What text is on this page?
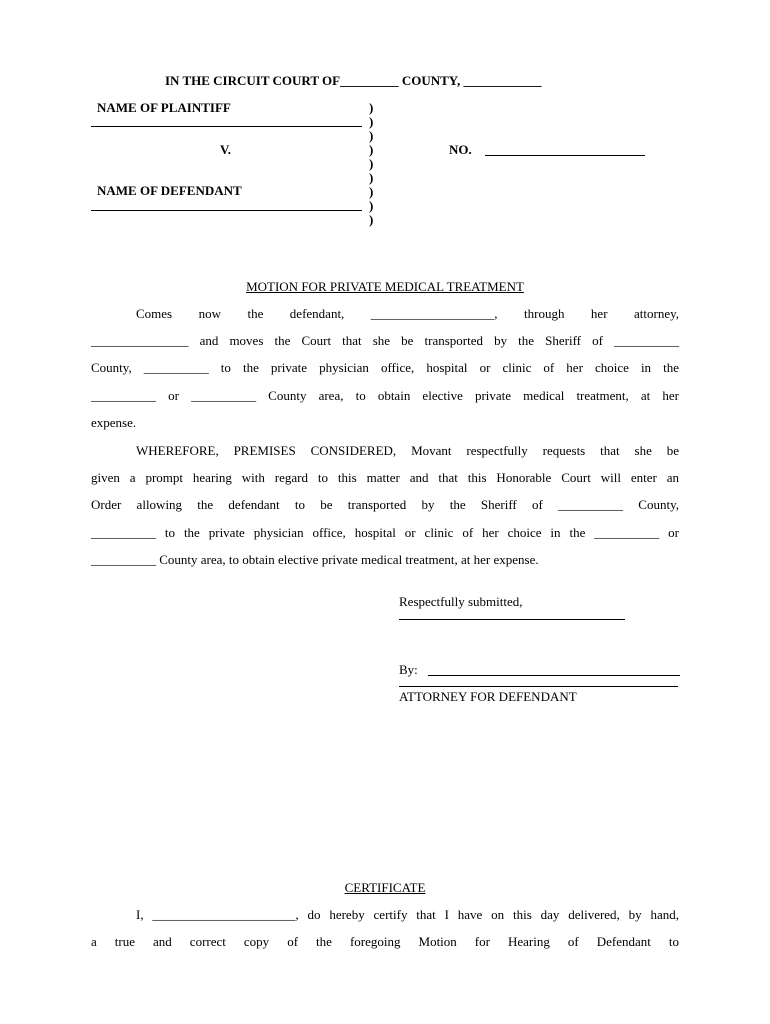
IN THE CIRCUIT COURT OF_________ COUNTY, ____________
NAME OF PLAINTIFF
V.
NAME OF DEFENDANT
)
)
)
)
)
)
)
)
)
NO.
MOTION FOR PRIVATE MEDICAL TREATMENT
Comes now the defendant, ___________________, through her attorney,
_______________ and moves the Court that she be transported by the Sheriff of __________
County, __________ to the private physician office, hospital or clinic of her choice in the
__________ or __________ County area, to obtain elective private medical treatment, at her
expense.
WHEREFORE, PREMISES CONSIDERED, Movant respectfully requests that she be
given a prompt hearing with regard to this matter and that this Honorable Court will enter an
Order allowing the defendant to be transported by the Sheriff of __________ County,
__________ to the private physician office, hospital or clinic of her choice in the __________ or
__________ County area, to obtain elective private medical treatment, at her expense.
Respectfully submitted,
By:
ATTORNEY FOR DEFENDANT
CERTIFICATE
I, ______________________, do hereby certify that I have on this day delivered, by hand,
a true and correct copy of the foregoing Motion for Hearing of Defendant to
